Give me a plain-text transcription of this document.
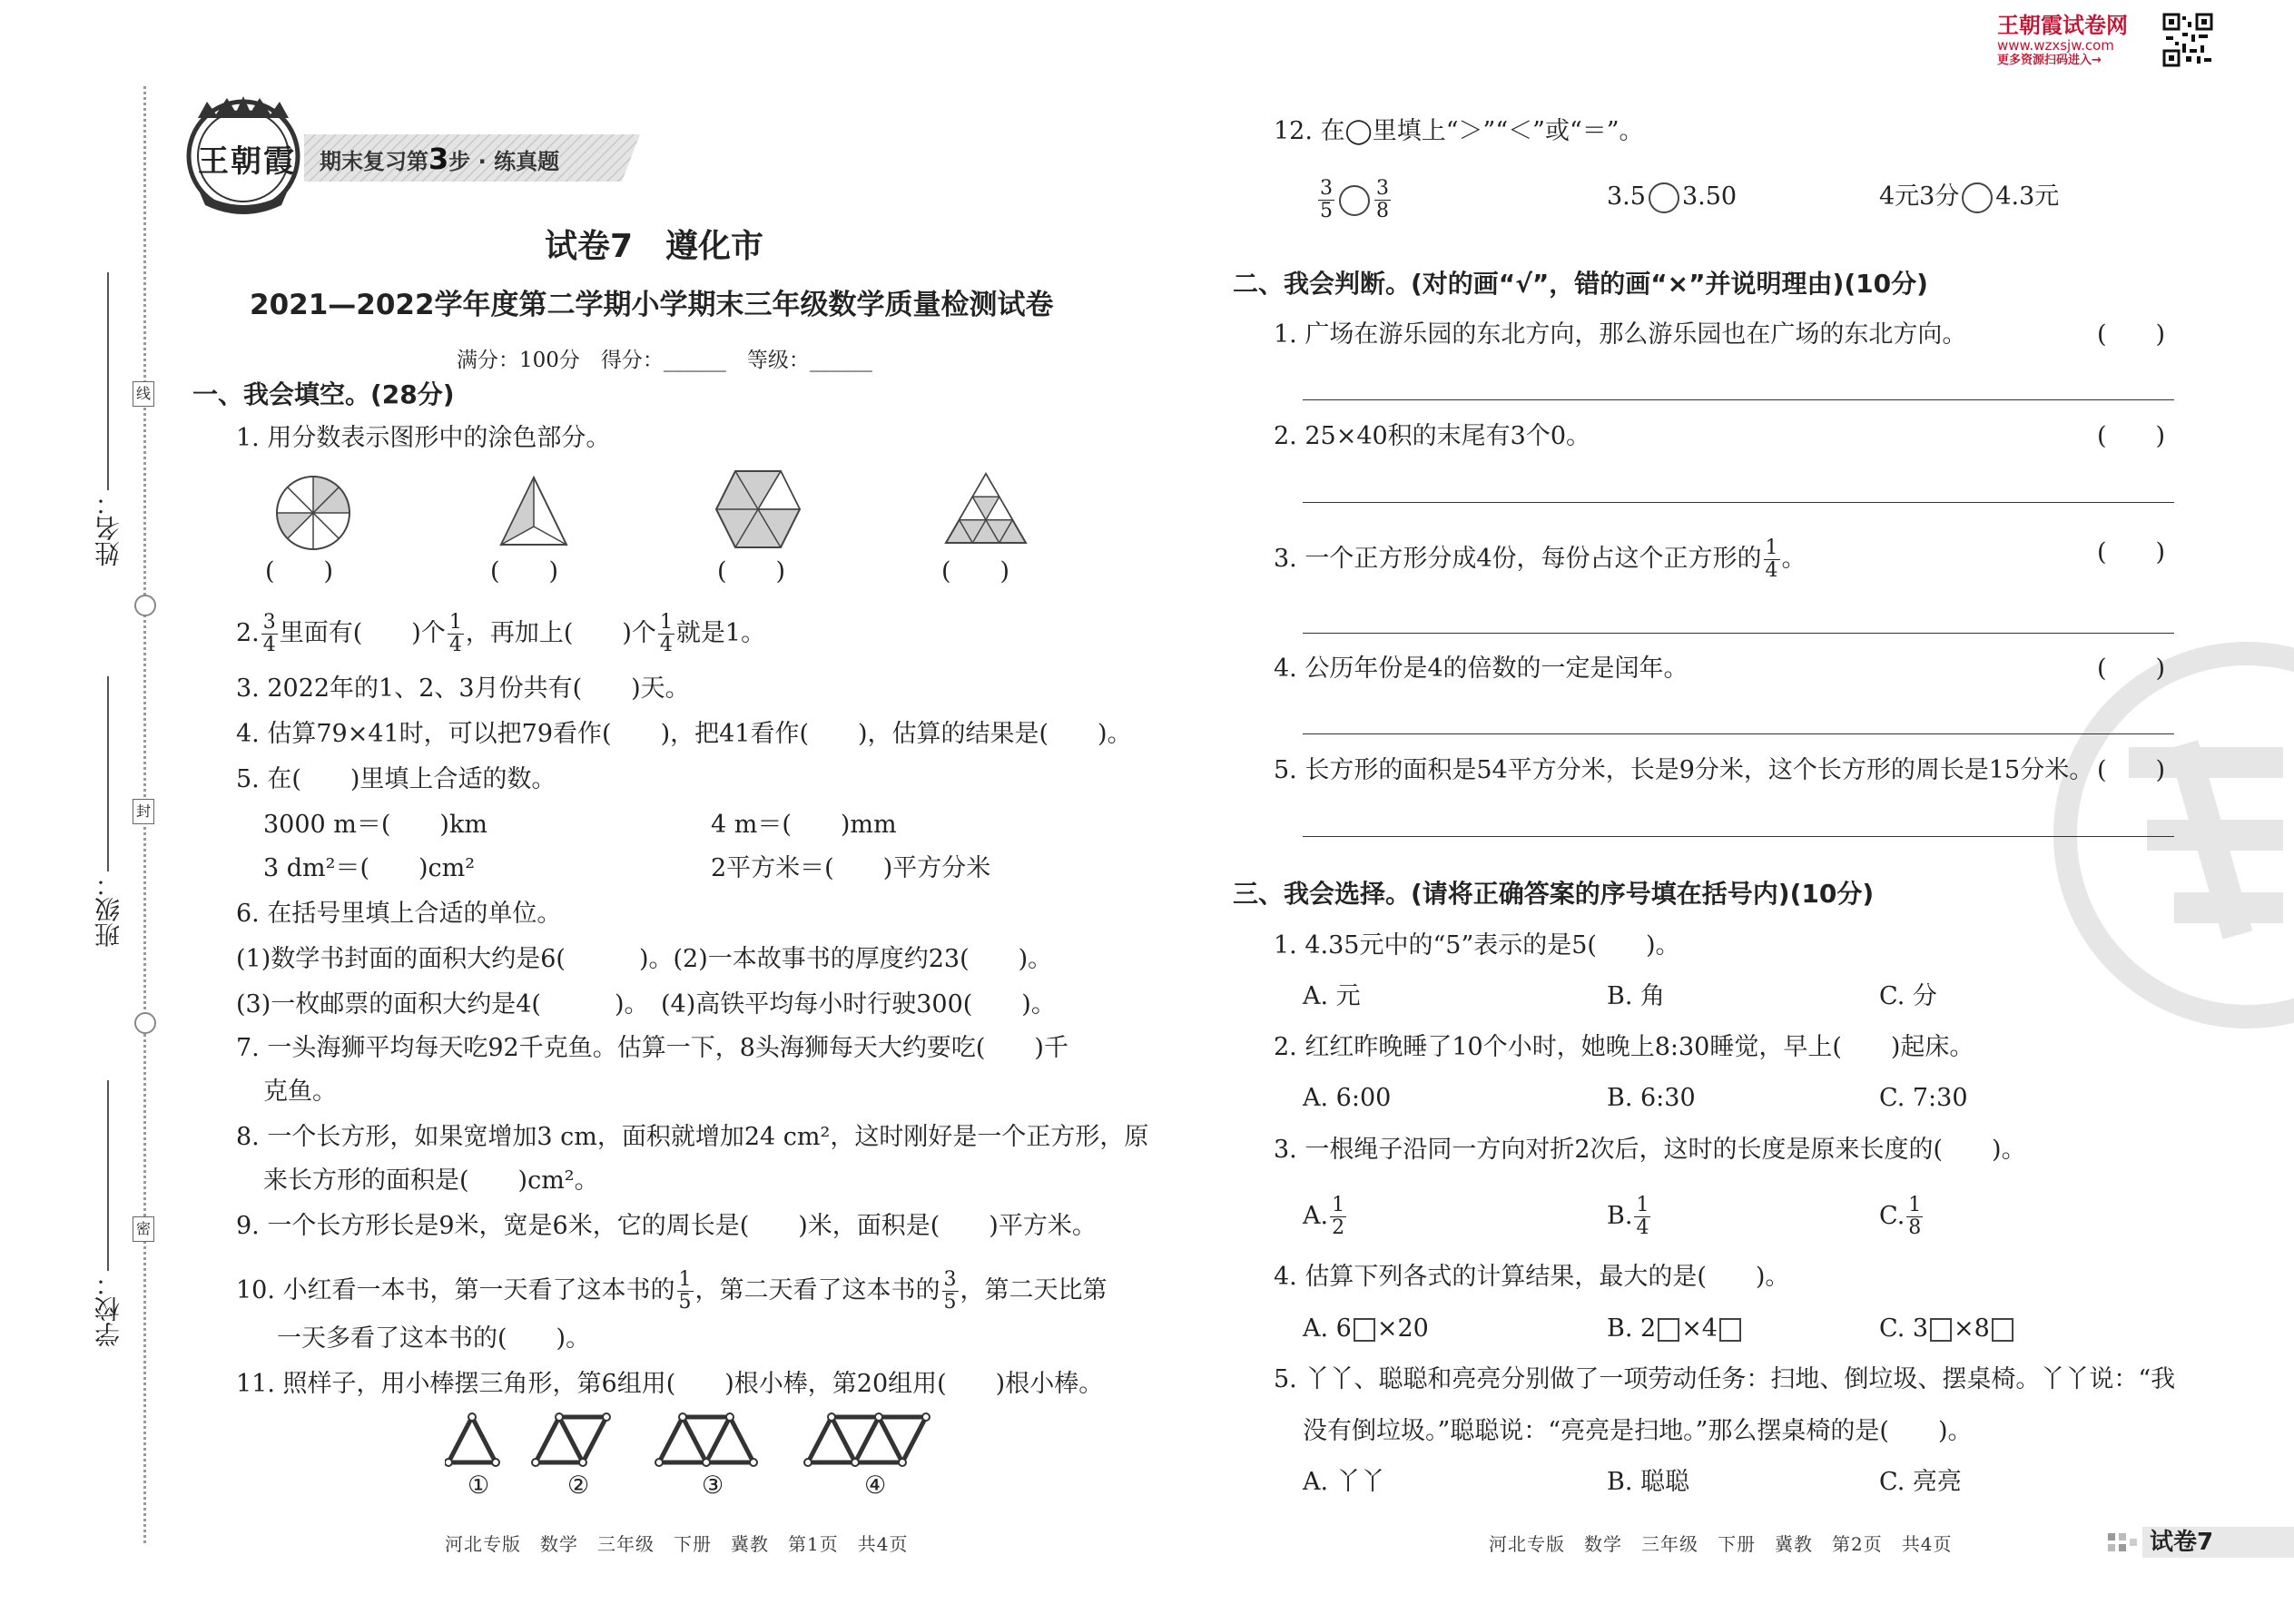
王朝霞试卷网
www.wzxsjw.com
更多资源扫码进入→
王朝霞 期末复习第3步 · 练真题
姓名：
班级：
学校：
线
封
密
试卷7　遵化市
2021—2022学年度第二学期小学期末三年级数学质量检测试卷
满分：100分　得分：______　等级：______
一、我会填空。(28分)
1. 用分数表示图形中的涂色部分。
(　　)	(　　)	(　　)	(　　)
2. $\frac{3}{4}$ 里面有(　　)个 $\frac{1}{4}$ ，再加上(　　)个 $\frac{1}{4}$ 就是1。
3. 2022年的1、2、3月份共有(　　)天。
4. 估算79×41时，可以把79看作(　　)，把41看作(　　)，估算的结果是(　　)。
5. 在(　　)里填上合适的数。
3000 m＝(　　)km	4 m＝(　　)mm
3 dm²＝(　　)cm²	2平方米＝(　　)平方分米
6. 在括号里填上合适的单位。
(1)数学书封面的面积大约是6(　　　)。(2)一本故事书的厚度约23(　　)。
(3)一枚邮票的面积大约是4(　　　)。　(4)高铁平均每小时行驶300(　　)。
7. 一头海狮平均每天吃92千克鱼。估算一下，8头海狮每天大约要吃(　　)千
克鱼。
8. 一个长方形，如果宽增加3 cm，面积就增加24 cm²，这时刚好是一个正方形，原
来长方形的面积是(　　)cm²。
9. 一个长方形长是9米，宽是6米，它的周长是(　　)米，面积是(　　)平方米。
10. 小红看一本书，第一天看了这本书的 $\frac{1}{5}$ ，第二天看了这本书的 $\frac{3}{5}$ ，第二天比第
一天多看了这本书的(　　)。
11. 照样子，用小棒摆三角形，第6组用(　　)根小棒，第20组用(　　)根小棒。
①	②	③	④
河北专版　数学　三年级　下册　冀教　第1页　共4页
12. 在◯里填上“＞”“＜”或“＝”。
$\frac{3}{5} \frac{3}{8}$	3.5 3.50	4元3分 4.3元
二、我会判断。(对的画“√”，错的画“×”并说明理由)(10分)
1. 广场在游乐园的东北方向，那么游乐园也在广场的东北方向。	(　　)
2. 25×40积的末尾有3个0。	(　　)
3. 一个正方形分成4份，每份占这个正方形的 $\frac{1}{4}$ 。	(　　)
4. 公历年份是4的倍数的一定是闰年。	(　　)
5. 长方形的面积是54平方分米，长是9分米，这个长方形的周长是15分米。 (　　)
三、我会选择。(请将正确答案的序号填在括号内)(10分)
1. 4.35元中的“5”表示的是5(　　)。
A. 元	B. 角	C. 分
2. 红红昨晚睡了10个小时，她晚上8:30睡觉，早上(　　)起床。
A. 6:00	B. 6:30	C. 7:30
3. 一根绳子沿同一方向对折2次后，这时的长度是原来长度的(　　)。
A. $\frac{1}{2}$	B. $\frac{1}{4}$	C. $\frac{1}{8}$
4. 估算下列各式的计算结果，最大的是(　　)。
A. 6 ×20	B. 2 ×4	C. 3 ×8
5. 丫丫、聪聪和亮亮分别做了一项劳动任务：扫地、倒垃圾、摆桌椅。丫丫说：“我
没有倒垃圾。”聪聪说：“亮亮是扫地。”那么摆桌椅的是(　　)。
A. 丫丫	B. 聪聪	C. 亮亮
河北专版　数学　三年级　下册　冀教　第2页　共4页	试卷7
